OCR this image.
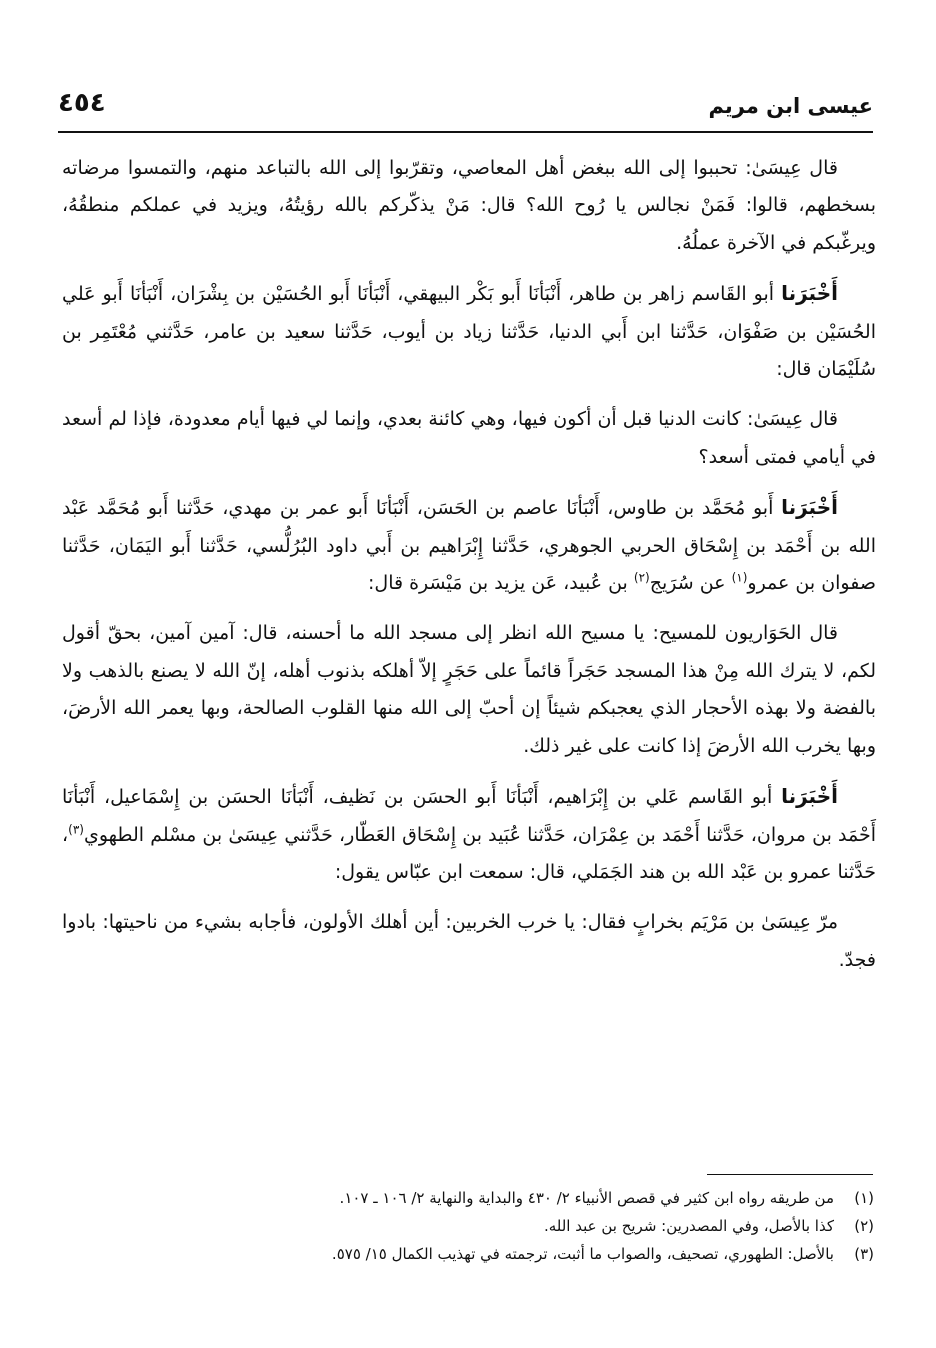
عيسى ابن مريم
٤٥٤

قال عِيسَىٰ: تحببوا إلى الله ببغض أهل المعاصي، وتقرّبوا إلى الله بالتباعد منهم، والتمسوا مرضاته بسخطهم، قالوا: فَمَنْ نجالس يا رُوح الله؟ قال: مَنْ يذكّركم بالله رؤيتُهُ، ويزيد في عملكم منطقُهُ، ويرغّبكم في الآخرة عملُهُ.

أَخْبَرَنا أبو القَاسم زاهر بن طاهر، أَنْبَأنَا أَبو بَكْر البيهقي، أَنْبَأنَا أَبو الحُسَيْن بن بِشْرَان، أَنْبَأنَا أَبو عَلي الحُسَيْن بن صَفْوَان، حَدَّثنا ابن أَبي الدنيا، حَدَّثنا زياد بن أيوب، حَدَّثنا سعيد بن عامر، حَدَّثني مُعْتَمِر بن سُلَيْمَان قال:

قال عِيسَىٰ: كانت الدنيا قبل أن أكون فيها، وهي كائنة بعدي، وإنما لي فيها أيام معدودة، فإذا لم أسعد في أيامي فمتى أسعد؟

أَخْبَرَنا أَبو مُحَمَّد بن طاوس، أَنْبَأنَا عاصم بن الحَسَن، أَنْبَأنَا أَبو عمر بن مهدي، حَدَّثنا أَبو مُحَمَّد عَبْد الله بن أَحْمَد بن إِسْحَاق الحربي الجوهري، حَدَّثنا إِبْرَاهيم بن أَبي داود البُرُلُّسي، حَدَّثنا أَبو اليَمَان، حَدَّثنا صفوان بن عمرو$^{(١)}$ عن سُرَيج$^{(٢)}$ بن عُبيد، عَن يزيد بن مَيْسَرة قال:

قال الحَوَاريون للمسيح: يا مسيح الله انظر إلى مسجد الله ما أحسنه، قال: آمين آمين، بحقّ أقول لكم، لا يترك الله مِنْ هذا المسجد حَجَراً قائماً على حَجَرٍ إلاّ أهلكه بذنوب أهله، إنّ الله لا يصنع بالذهب ولا بالفضة ولا بهذه الأحجار الذي يعجبكم شيئاً إن أحبّ إلى الله منها القلوب الصالحة، وبها يعمر الله الأرضَ، وبها يخرب الله الأرضَ إذا كانت على غير ذلك.

أَخْبَرَنا أبو القَاسم عَلي بن إِبْرَاهيم، أَنْبَأنَا أَبو الحسَن بن نَظيف، أَنْبَأنَا الحسَن بن إِسْمَاعيل، أَنْبَأنَا أَحْمَد بن مروان، حَدَّثنا أَحْمَد بن عِمْرَان، حَدَّثنا عُبَيد بن إِسْحَاق العَطّار، حَدَّثني عِيسَىٰ بن مسْلم الطهوي$^{(٣)}$، حَدَّثنا عمرو بن عَبْد الله بن هند الجَمَلي، قال: سمعت ابن عبّاس يقول:

مرّ عِيسَىٰ بن مَرْيَم بخرابٍ فقال: يا خرب الخربين: أين أهلك الأولون، فأجابه بشيء من ناحيتها: بادوا فجدّ.

(١)من طريقه رواه ابن كثير في قصص الأنبياء ٢/ ٤٣٠ والبداية والنهاية ٢/ ١٠٦ ـ ١٠٧.

(٢)كذا بالأصل، وفي المصدرين: شريح بن عبد الله.

(٣)بالأصل: الطهوري، تصحيف، والصواب ما أثبت، ترجمته في تهذيب الكمال ١٥/ ٥٧٥.
